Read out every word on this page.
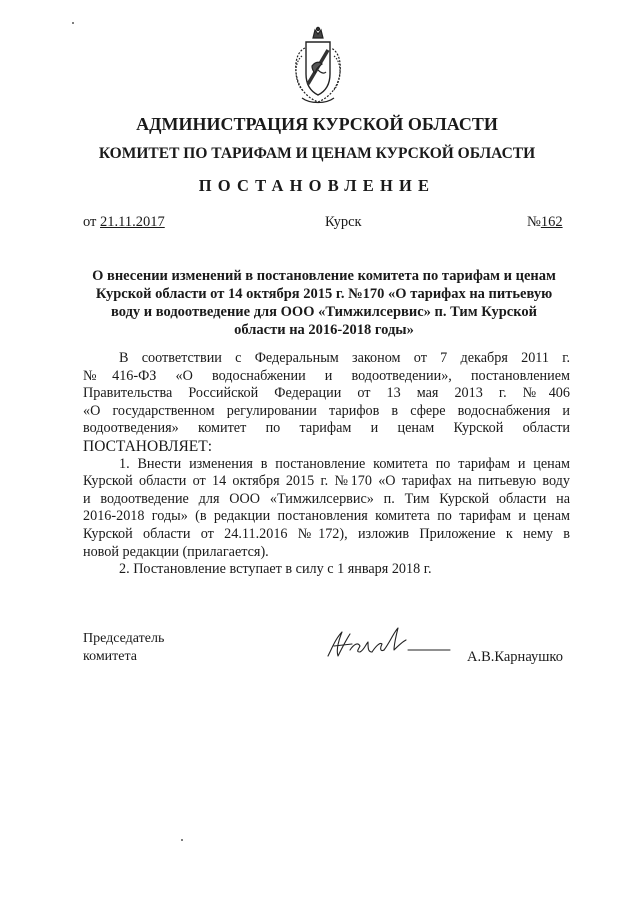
АДМИНИСТРАЦИЯ КУРСКОЙ ОБЛАСТИ
КОМИТЕТ ПО ТАРИФАМ И ЦЕНАМ КУРСКОЙ ОБЛАСТИ
ПОСТАНОВЛЕНИЕ
от 21.11.2017	Курск	№162
О внесении изменений в постановление комитета по тарифам и ценам
Курской области от 14 октября 2015 г. №170 «О тарифах на питьевую
воду и водоотведение для ООО «Тимжилсервис» п. Тим Курской
области на 2016-2018 годы»
В соответствии с Федеральным законом от 7 декабря 2011 г.
№416-ФЗ «О водоснабжении и водоотведении», постановлением
Правительства Российской Федерации от 13 мая 2013 г. №406
«О государственном регулировании тарифов в сфере водоснабжения и
водоотведения» комитет по тарифам и ценам Курской области
ПОСТАНОВЛЯЕТ:
1. Внести изменения в постановление комитета по тарифам и ценам
Курской области от 14 октября 2015 г. №170 «О тарифах на питьевую воду
и водоотведение для ООО «Тимжилсервис» п. Тим Курской области на
2016-2018 годы» (в редакции постановления комитета по тарифам и ценам
Курской области от 24.11.2016 №172), изложив Приложение к нему в
новой редакции (прилагается).
2. Постановление вступает в силу с 1 января 2018 г.
Председатель
комитета	А.В.Карнаушко
